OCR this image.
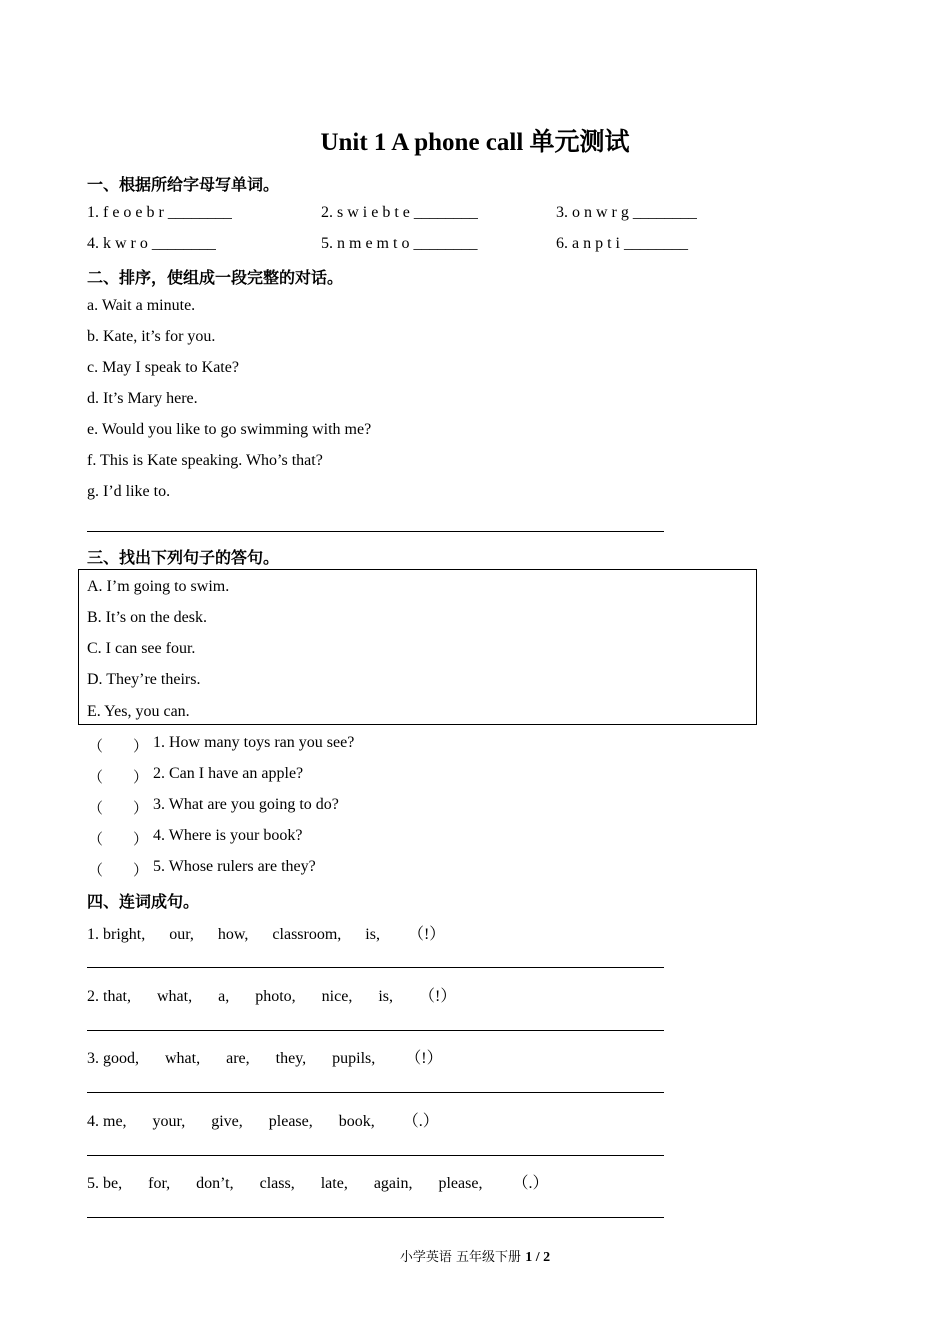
Unit 1 A phone call 单元测试
一、根据所给字母写单词。
1. f e o e b r ________	2. s w i e b t e ________	3. o n w r g ________
4. k w r o ________	5. n m e m t o ________	6. a n p t i ________
二、排序，使组成一段完整的对话。
a. Wait a minute.
b. Kate, it’s for you.
c. May I speak to Kate?
d. It’s Mary here.
e. Would you like to go swimming with me?
f. This is Kate speaking. Who’s that?
g. I’d like to.
三、找出下列句子的答句。
A. I’m going to swim.
B. It’s on the desk.
C. I can see four.
D. They’re theirs.
E. Yes, you can.
（ ） 1. How many toys ran you see?
（ ） 2. Can I have an apple?
（ ） 3. What are you going to do?
（ ） 4. Where is your book?
（ ） 5. Whose rulers are they?
四、连词成句。
1. bright, our, how, classroom, is, （!）
2. that, what, a, photo, nice, is, （!）
3. good, what, are, they, pupils, （!）
4. me, your, give, please, book, （.）
5. be, for, don’t, class, late, again, please, （.）
小学英语 五年级下册 1 / 2
